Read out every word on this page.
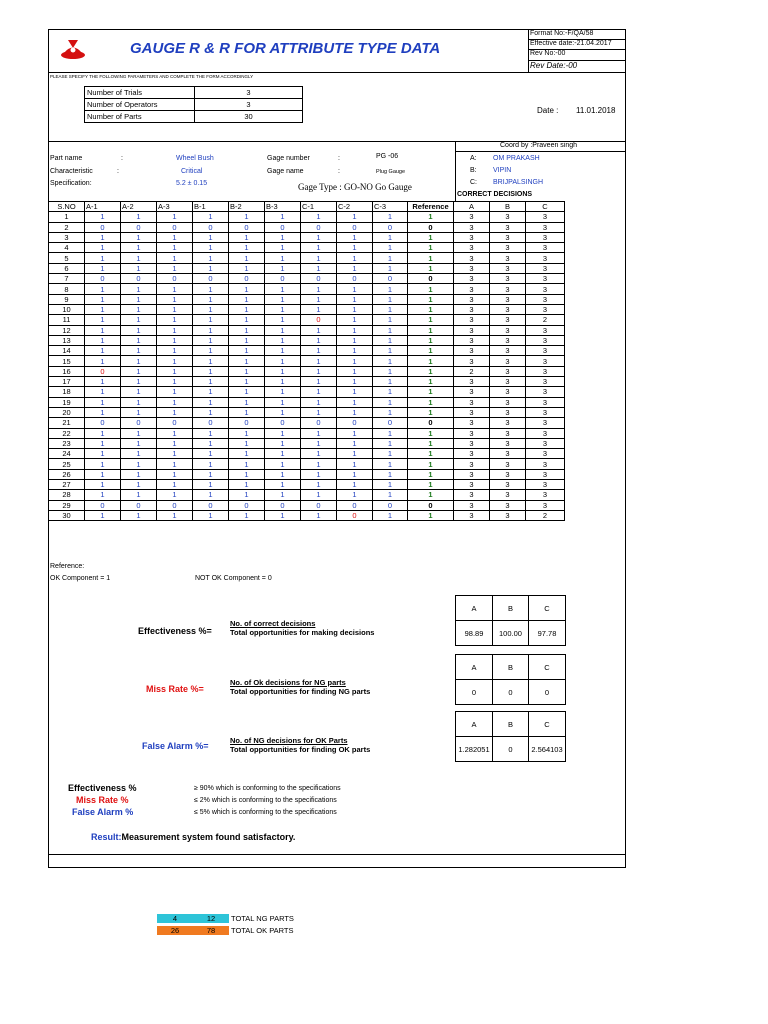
GAUGE R & R FOR ATTRIBUTE TYPE DATA
Format No:-F/QA/58
Effective date:-21.04.2017
Rev No:-00
Rev Date:-00
PLEASE SPECIFY THE FOLLOWING PARAMETERS AND COMPLETE THE FORM ACCORDINGLY
Number of Trials	3
Number of Operators	3
Number of Parts	30
Date : 11.01.2018
Part name	:	Wheel Bush
Characteristic	:	Critical
Specification:	5.2 ± 0.15
Gage number	:	PG -06
Gage name	:	Plug Gauge
Gage Type : GO-NO Go Gauge
Coord by :Praveen singh
A: OM PRAKASH
B: VIPIN
C: BRIJPALSINGH
CORRECT DECISIONS
S.NO	A-1	A-2	A-3	B-1	B-2	B-3	C-1	C-2	C-3	Reference	A	B	C
1	1	1	1	1	1	1	1	1	1	1	3	3	3
2	0	0	0	0	0	0	0	0	0	0	3	3	3
3	1	1	1	1	1	1	1	1	1	1	3	3	3
4	1	1	1	1	1	1	1	1	1	1	3	3	3
5	1	1	1	1	1	1	1	1	1	1	3	3	3
6	1	1	1	1	1	1	1	1	1	1	3	3	3
7	0	0	0	0	0	0	0	0	0	0	3	3	3
8	1	1	1	1	1	1	1	1	1	1	3	3	3
9	1	1	1	1	1	1	1	1	1	1	3	3	3
10	1	1	1	1	1	1	1	1	1	1	3	3	3
11	1	1	1	1	1	1	0	1	1	1	3	3	2
12	1	1	1	1	1	1	1	1	1	1	3	3	3
13	1	1	1	1	1	1	1	1	1	1	3	3	3
14	1	1	1	1	1	1	1	1	1	1	3	3	3
15	1	1	1	1	1	1	1	1	1	1	3	3	3
16	0	1	1	1	1	1	1	1	1	1	2	3	3
17	1	1	1	1	1	1	1	1	1	1	3	3	3
18	1	1	1	1	1	1	1	1	1	1	3	3	3
19	1	1	1	1	1	1	1	1	1	1	3	3	3
20	1	1	1	1	1	1	1	1	1	1	3	3	3
21	0	0	0	0	0	0	0	0	0	0	3	3	3
22	1	1	1	1	1	1	1	1	1	1	3	3	3
23	1	1	1	1	1	1	1	1	1	1	3	3	3
24	1	1	1	1	1	1	1	1	1	1	3	3	3
25	1	1	1	1	1	1	1	1	1	1	3	3	3
26	1	1	1	1	1	1	1	1	1	1	3	3	3
27	1	1	1	1	1	1	1	1	1	1	3	3	3
28	1	1	1	1	1	1	1	1	1	1	3	3	3
29	0	0	0	0	0	0	0	0	0	0	3	3	3
30	1	1	1	1	1	1	1	0	1	1	3	3	2
Reference:
OK Component = 1	NOT OK Component = 0
Effectiveness %=
No. of correct decisions
Total opportunities for making decisions
A	B	C
98.89	100.00	97.78
Miss Rate %=
No. of Ok decisions for NG parts
Total opportunities for finding NG parts
A	B	C
0	0	0
False Alarm %=
No. of NG decisions for OK Parts
Total opportunities for finding OK parts
A	B	C
1.282051	0	2.564103
Effectiveness %	≥ 90% which is conforming to the specifications
Miss Rate %	≤ 2% which is conforming to the specifications
False Alarm %	≤ 5% which is conforming to the specifications
Result:Measurement system found satisfactory.
4	12	TOTAL NG PARTS
26	78	TOTAL OK PARTS
